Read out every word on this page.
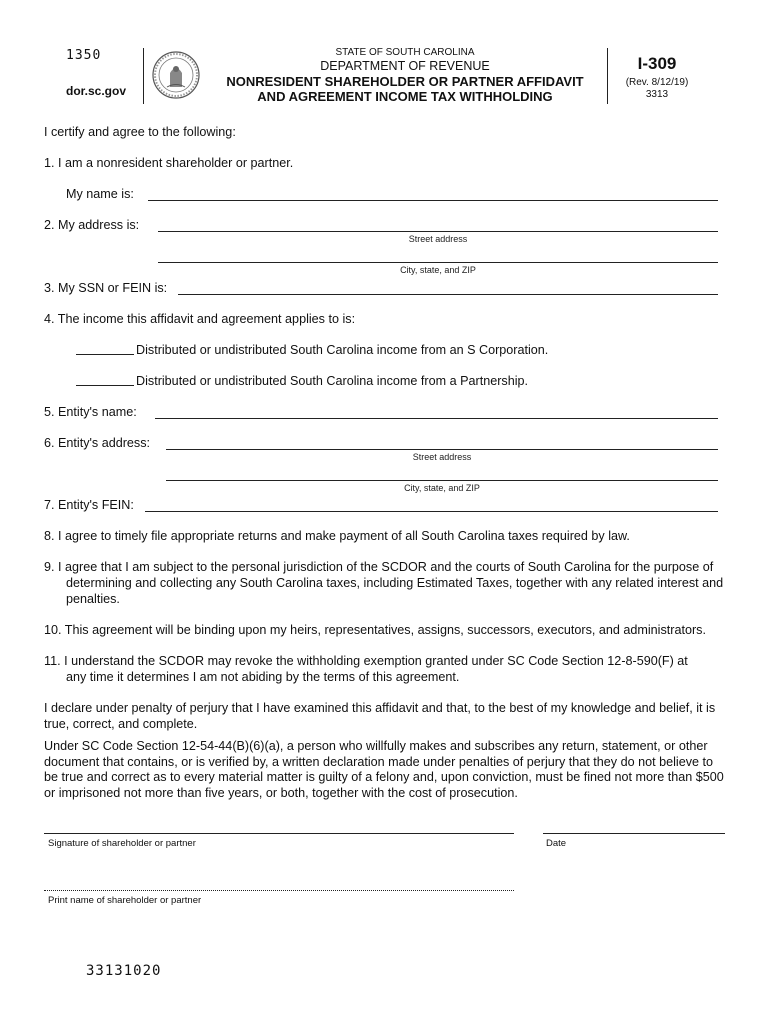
1350
dor.sc.gov
STATE OF SOUTH CAROLINA
DEPARTMENT OF REVENUE
NONRESIDENT SHAREHOLDER OR PARTNER AFFIDAVIT
AND AGREEMENT INCOME TAX WITHHOLDING
I-309
(Rev. 8/12/19)
3313
I certify and agree to the following:
1. I am a nonresident shareholder or partner.
My name is:
2. My address is:
Street address
City, state, and ZIP
3. My SSN or FEIN is:
4. The income this affidavit and agreement applies to is:
Distributed or undistributed South Carolina income from an S Corporation.
Distributed or undistributed South Carolina income from a Partnership.
5. Entity's name:
6. Entity's address:
Street address
City, state, and ZIP
7. Entity's FEIN:
8. I agree to timely file appropriate returns and make payment of all South Carolina taxes required by law.
9. I agree that I am subject to the personal jurisdiction of the SCDOR and the courts of South Carolina for the purpose of
determining and collecting any South Carolina taxes, including Estimated Taxes, together with any related interest and
penalties.
10. This agreement will be binding upon my heirs, representatives, assigns, successors, executors, and administrators.
11. I understand the SCDOR may revoke the withholding exemption granted under SC Code Section 12-8-590(F) at
any time it determines I am not abiding by the terms of this agreement.
I declare under penalty of perjury that I have examined this affidavit and that, to the best of my knowledge and belief, it is
true, correct, and complete.
Under SC Code Section 12-54-44(B)(6)(a), a person who willfully makes and subscribes any return, statement, or other
document that contains, or is verified by, a written declaration made under penalties of perjury that they do not believe to
be true and correct as to every material matter is guilty of a felony and, upon conviction, must be fined not more than $500
or imprisoned not more than five years, or both, together with the cost of prosecution.
Signature of shareholder or partner	Date
Print name of shareholder or partner
33131020
